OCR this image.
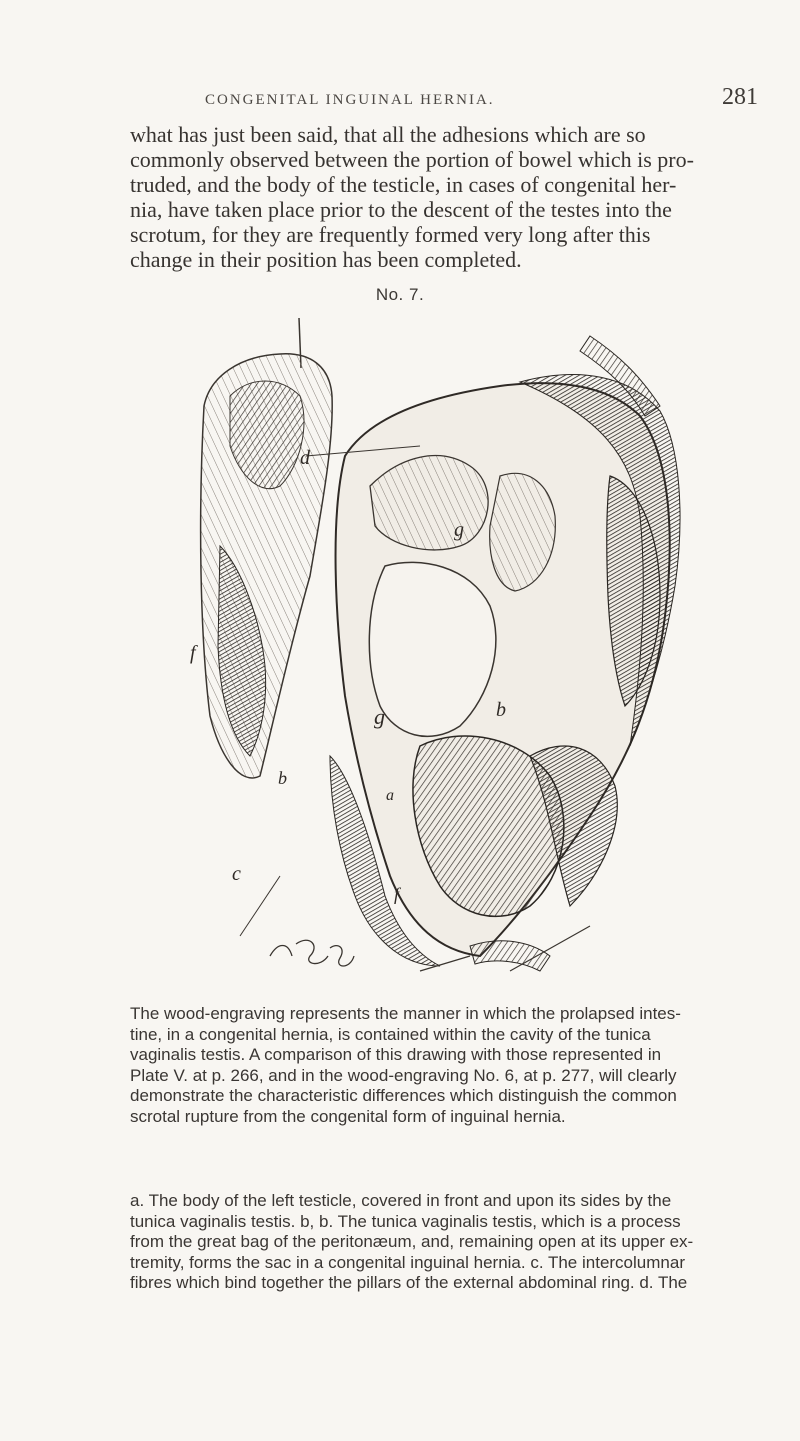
CONGENITAL INGUINAL HERNIA.	281

what has just been said, that all the adhesions which are so
commonly observed between the portion of bowel which is pro-
truded, and the body of the testicle, in cases of congenital her-
nia, have taken place prior to the descent of the testes into the
scrotum, for they are frequently formed very long after this
change in their position has been completed.

No. 7.
d
g
f
g	b
b
a
c
f

The wood-engraving represents the manner in which the prolapsed intes-
tine, in a congenital hernia, is contained within the cavity of the tunica
vaginalis testis. A comparison of this drawing with those represented in
Plate V. at p. 266, and in the wood-engraving No. 6, at p. 277, will clearly
demonstrate the characteristic differences which distinguish the common
scrotal rupture from the congenital form of inguinal hernia.

a. The body of the left testicle, covered in front and upon its sides by the
tunica vaginalis testis. b, b. The tunica vaginalis testis, which is a process
from the great bag of the peritonæum, and, remaining open at its upper ex-
tremity, forms the sac in a congenital inguinal hernia. c. The intercolumnar
fibres which bind together the pillars of the external abdominal ring. d. The
